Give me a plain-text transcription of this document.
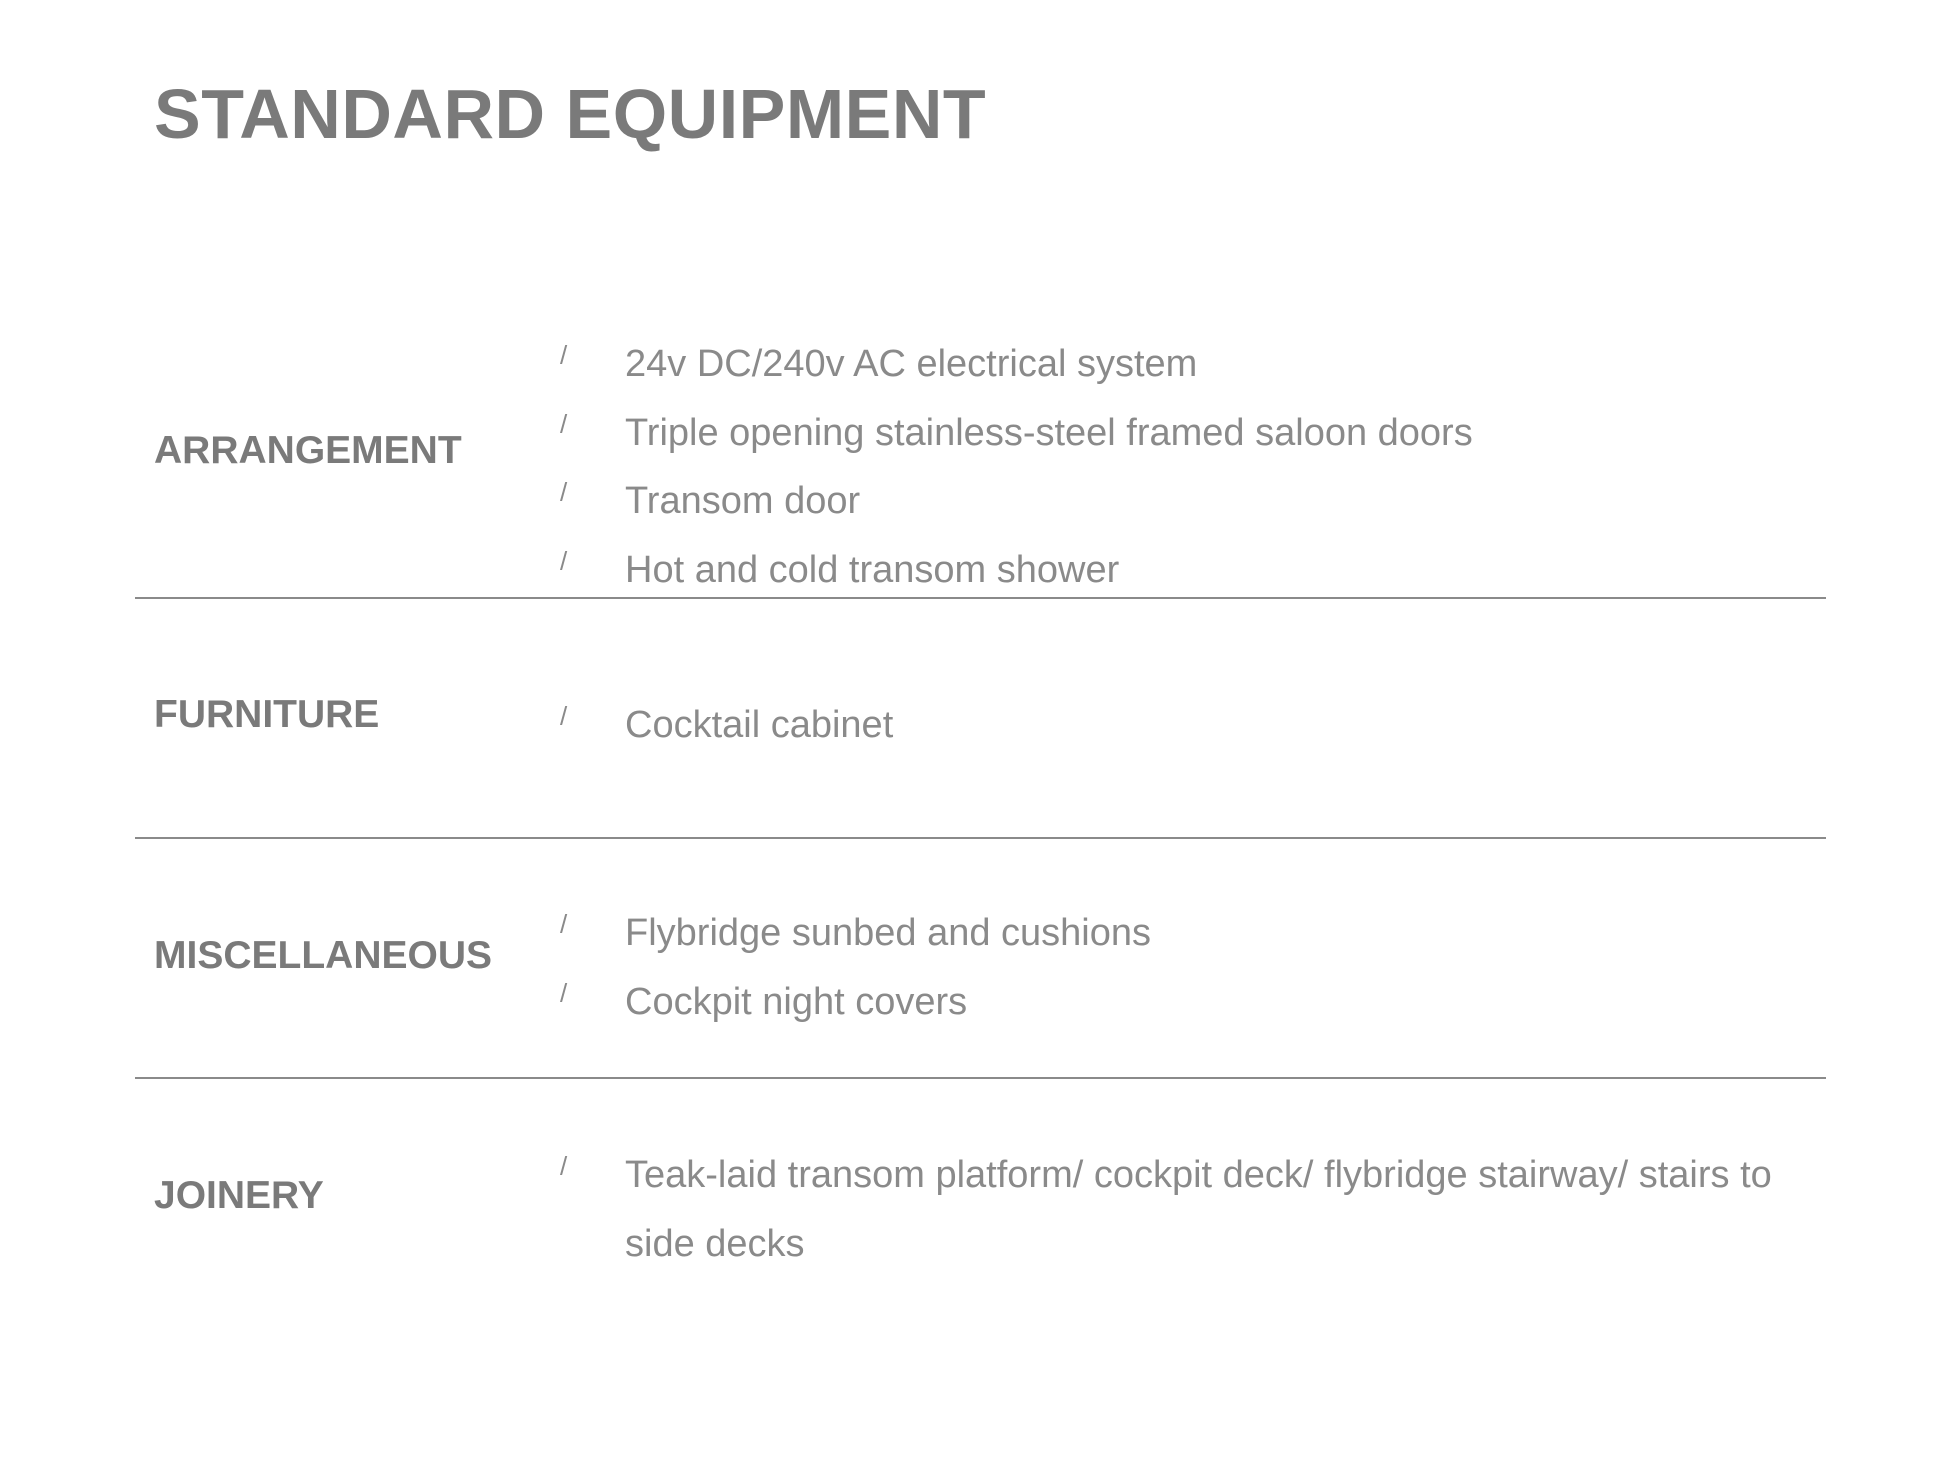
STANDARD EQUIPMENT
ARRANGEMENT
/ 24v DC/240v AC electrical system
/ Triple opening stainless-steel framed saloon doors
/ Transom door
/ Hot and cold transom shower
FURNITURE	/ Cocktail cabinet
MISCELLANEOUS
/ Flybridge sunbed and cushions
/ Cockpit night covers
JOINERY
/ Teak-laid transom platform/ cockpit deck/ flybridge stairway/ stairs to side decks
